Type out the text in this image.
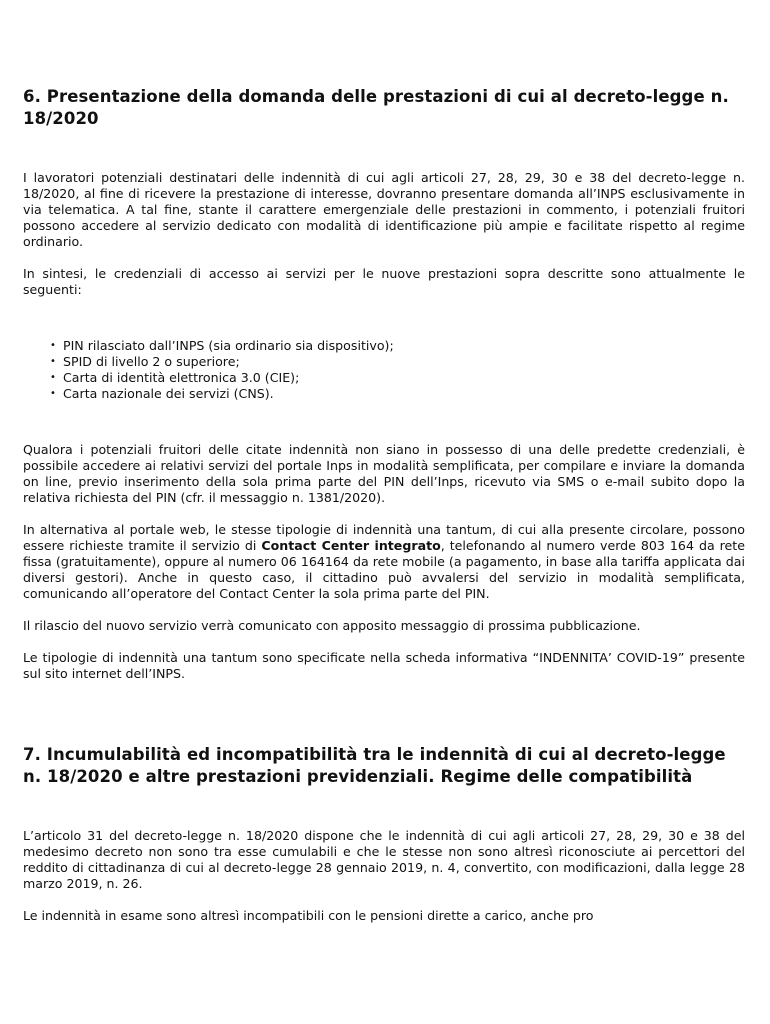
6. Presentazione della domanda delle prestazioni di cui al decreto-legge n. 18/2020

I lavoratori potenziali destinatari delle indennità di cui agli articoli 27, 28, 29, 30 e 38 del decreto-legge n. 18/2020, al fine di ricevere la prestazione di interesse, dovranno presentare domanda all’INPS esclusivamente in via telematica. A tal fine, stante il carattere emergenziale delle prestazioni in commento, i potenziali fruitori possono accedere al servizio dedicato con modalità di identificazione più ampie e facilitate rispetto al regime ordinario.

In sintesi, le credenziali di accesso ai servizi per le nuove prestazioni sopra descritte sono attualmente le seguenti:

• PIN rilasciato dall’INPS (sia ordinario sia dispositivo);
• SPID di livello 2 o superiore;
• Carta di identità elettronica 3.0 (CIE);
• Carta nazionale dei servizi (CNS).

Qualora i potenziali fruitori delle citate indennità non siano in possesso di una delle predette credenziali, è possibile accedere ai relativi servizi del portale Inps in modalità semplificata, per compilare e inviare la domanda on line, previo inserimento della sola prima parte del PIN dell’Inps, ricevuto via SMS o e-mail subito dopo la relativa richiesta del PIN (cfr. il messaggio n. 1381/2020).

In alternativa al portale web, le stesse tipologie di indennità una tantum, di cui alla presente circolare, possono essere richieste tramite il servizio di Contact Center integrato, telefonando al numero verde 803 164 da rete fissa (gratuitamente), oppure al numero 06 164164 da rete mobile (a pagamento, in base alla tariffa applicata dai diversi gestori). Anche in questo caso, il cittadino può avvalersi del servizio in modalità semplificata, comunicando all’operatore del Contact Center la sola prima parte del PIN.

Il rilascio del nuovo servizio verrà comunicato con apposito messaggio di prossima pubblicazione.

Le tipologie di indennità una tantum sono specificate nella scheda informativa “INDENNITA’ COVID-19” presente sul sito internet dell’INPS.

7. Incumulabilità ed incompatibilità tra le indennità di cui al decreto-legge n. 18/2020 e altre prestazioni previdenziali. Regime delle compatibilità

L’articolo 31 del decreto-legge n. 18/2020 dispone che le indennità di cui agli articoli 27, 28, 29, 30 e 38 del medesimo decreto non sono tra esse cumulabili e che le stesse non sono altresì riconosciute ai percettori del reddito di cittadinanza di cui al decreto-legge 28 gennaio 2019, n. 4, convertito, con modificazioni, dalla legge 28 marzo 2019, n. 26.

Le indennità in esame sono altresì incompatibili con le pensioni dirette a carico, anche pro
